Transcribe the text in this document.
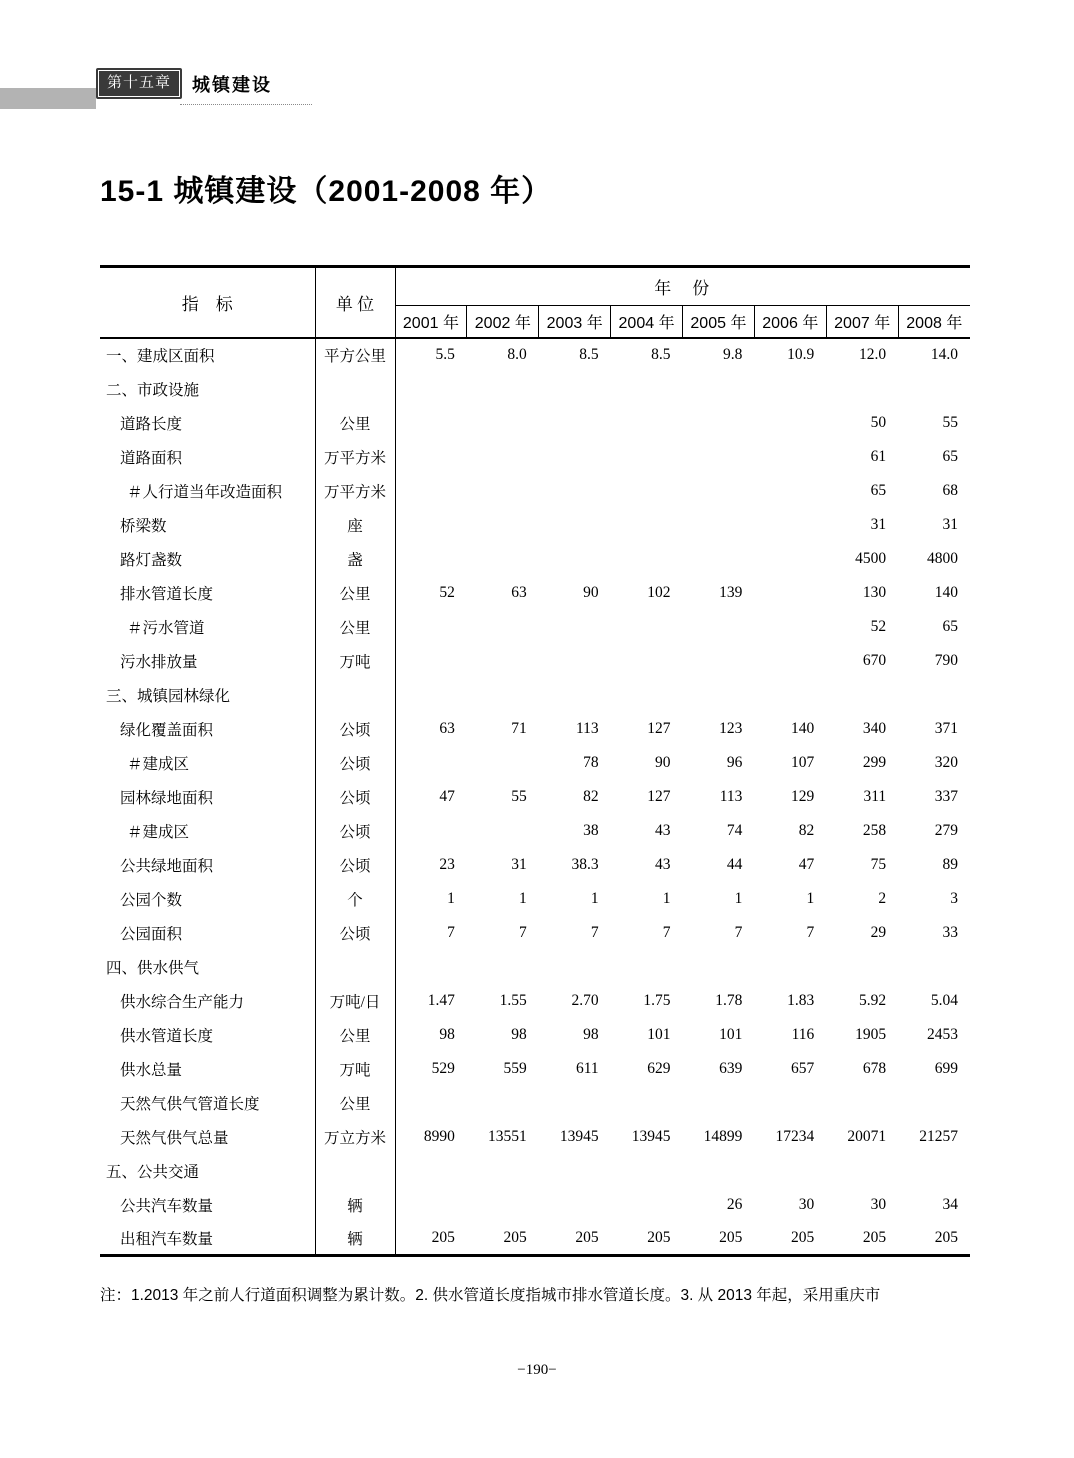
第十五章	城镇建设
15-1 城镇建设（2001-2008 年）
指　标	单 位	年　份							
		2001 年	2002 年	2003 年	2004 年	2005 年	2006 年	2007 年	2008 年
一、建成区面积	平方公里	5.5	8.0	8.5	8.5	9.8	10.9	12.0	14.0
二、市政设施									
道路长度	公里							50	55
道路面积	万平方米							61	65
＃人行道当年改造面积	万平方米							65	68
桥梁数	座							31	31
路灯盏数	盏							4500	4800
排水管道长度	公里	52	63	90	102	139		130	140
＃污水管道	公里							52	65
污水排放量	万吨							670	790
三、城镇园林绿化									
绿化覆盖面积	公顷	63	71	113	127	123	140	340	371
＃建成区	公顷			78	90	96	107	299	320
园林绿地面积	公顷	47	55	82	127	113	129	311	337
＃建成区	公顷			38	43	74	82	258	279
公共绿地面积	公顷	23	31	38.3	43	44	47	75	89
公园个数	个	1	1	1	1	1	1	2	3
公园面积	公顷	7	7	7	7	7	7	29	33
四、供水供气									
供水综合生产能力	万吨/日	1.47	1.55	2.70	1.75	1.78	1.83	5.92	5.04
供水管道长度	公里	98	98	98	101	101	116	1905	2453
供水总量	万吨	529	559	611	629	639	657	678	699
天然气供气管道长度	公里								
天然气供气总量	万立方米	8990	13551	13945	13945	14899	17234	20071	21257
五、公共交通									
公共汽车数量	辆					26	30	30	34
出租汽车数量	辆	205	205	205	205	205	205	205	205

注：1.2013 年之前人行道面积调整为累计数。2. 供水管道长度指城市排水管道长度。3. 从 2013 年起，采用重庆市

−190−
